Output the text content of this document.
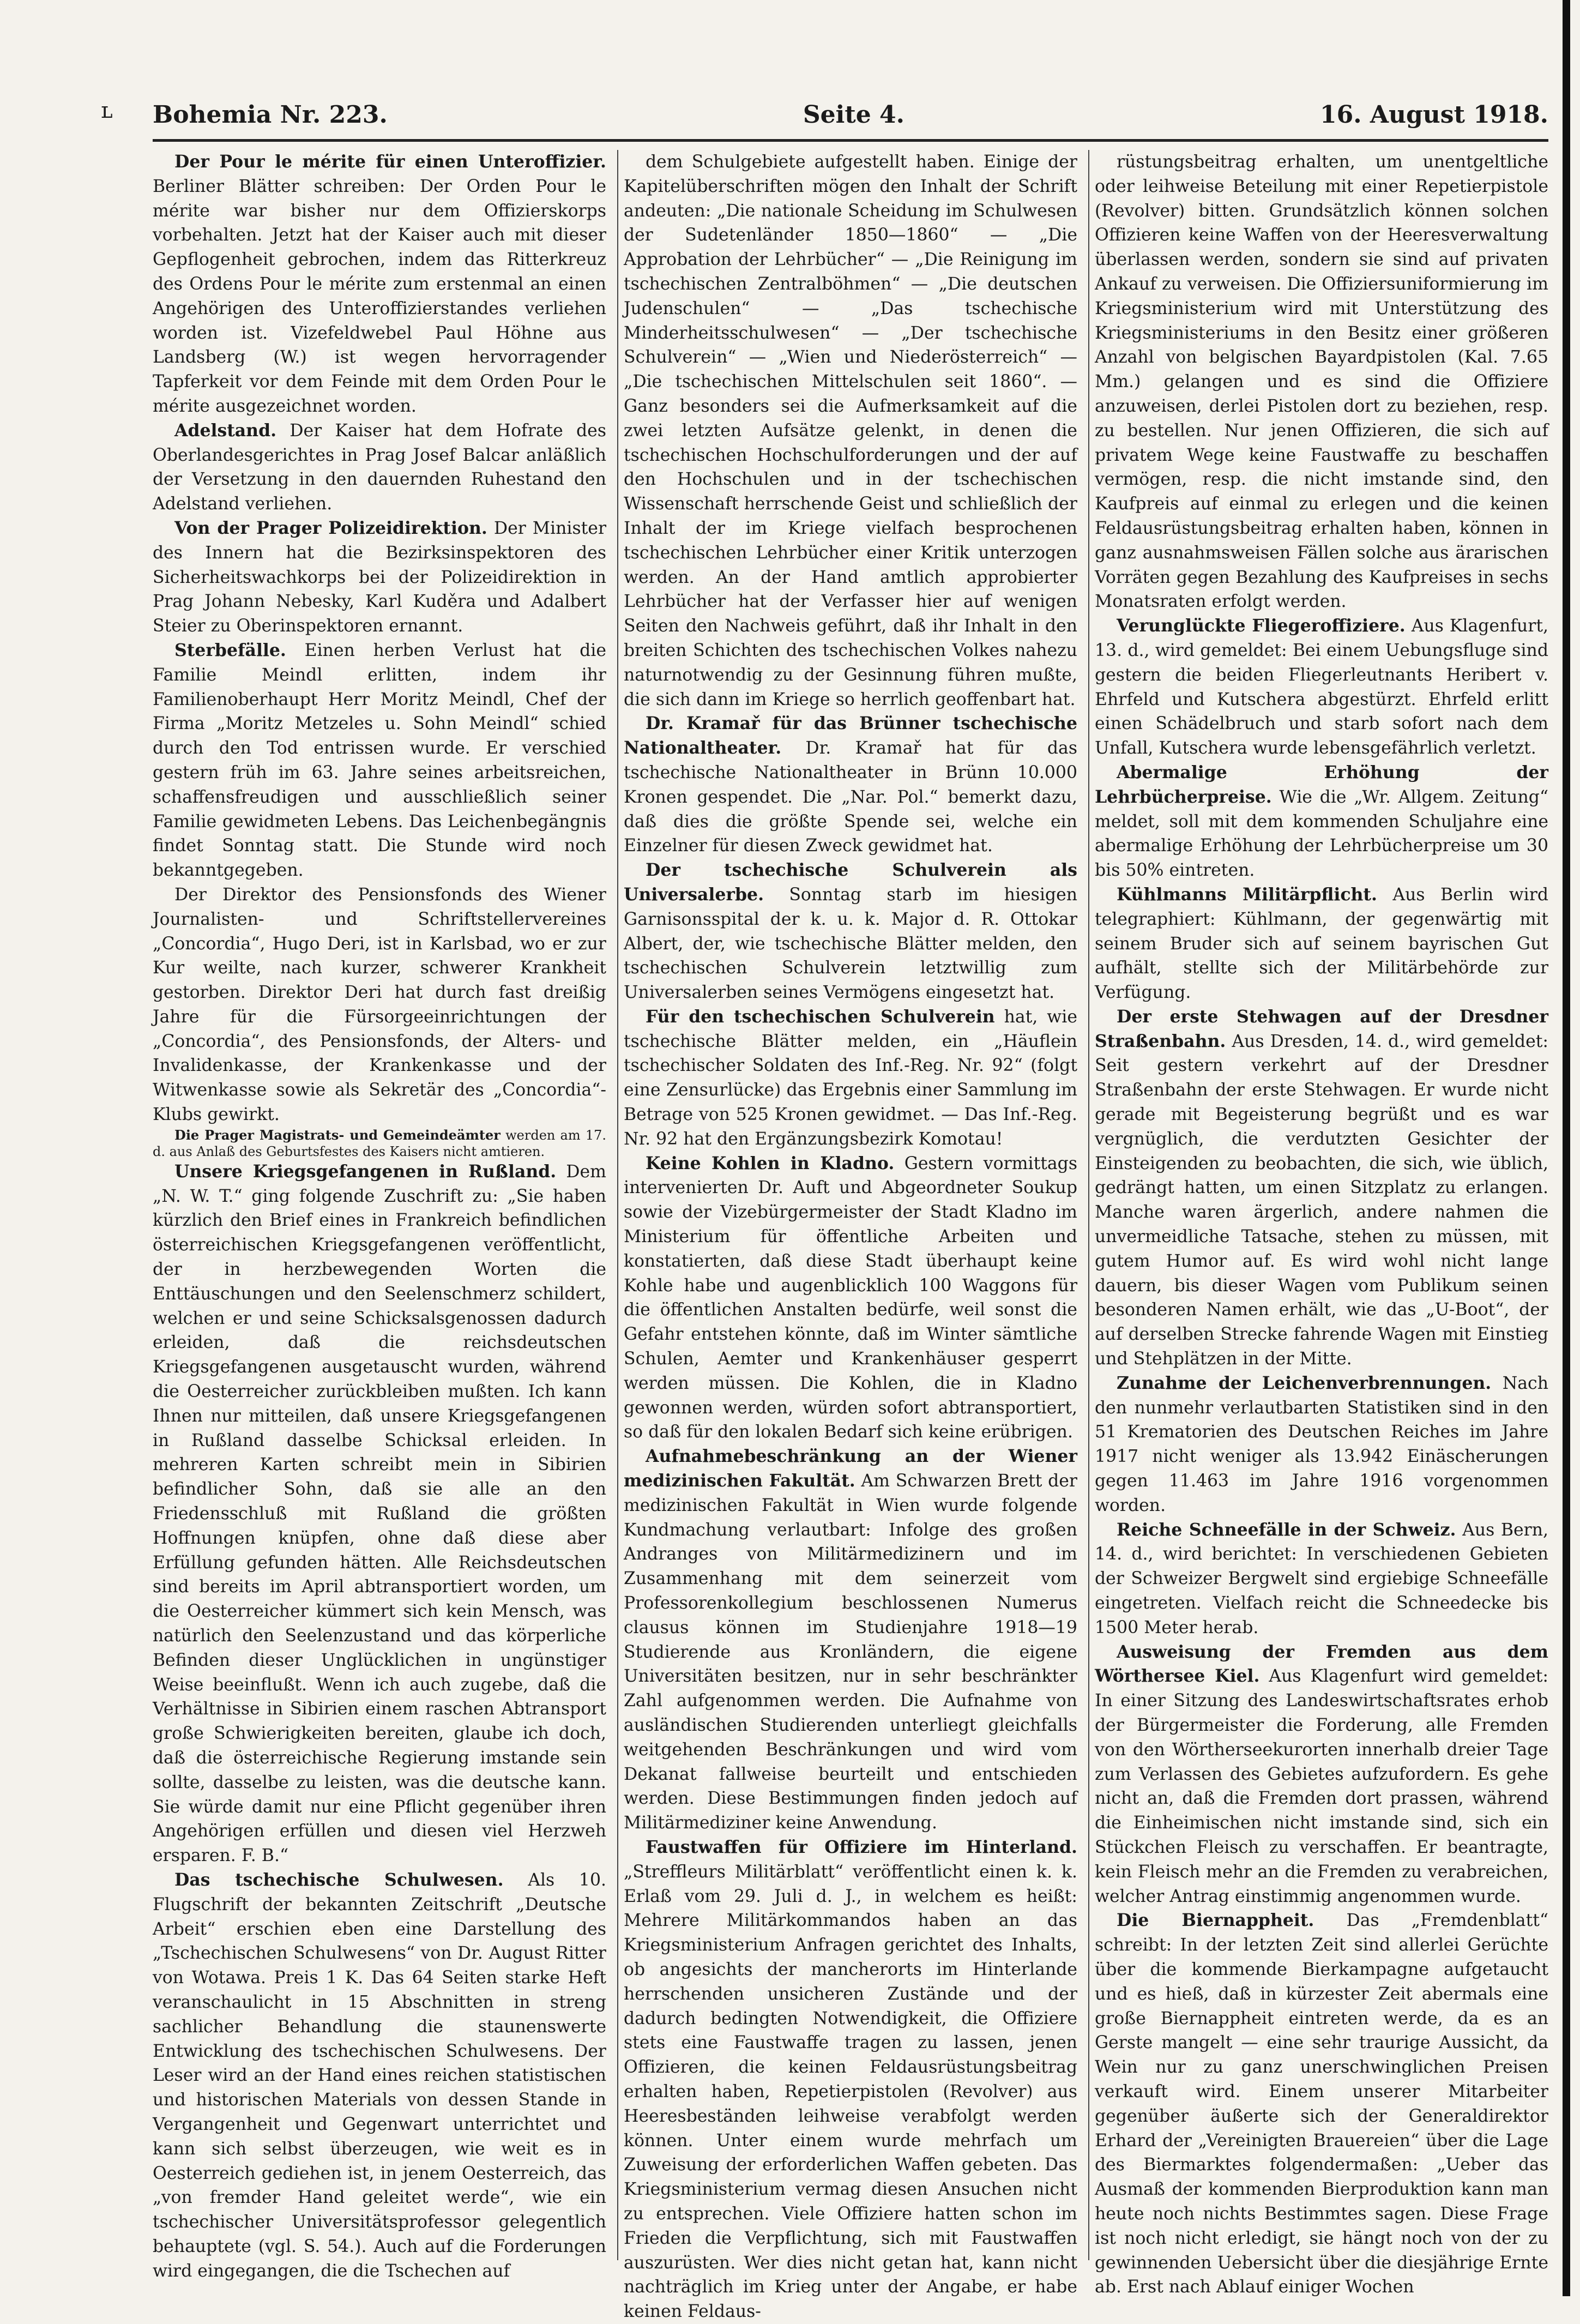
ʟ Bohemia Nr. 223.	Seite 4.	16. August 1918.

Der Pour le mérite für einen Unteroffizier. Berliner Blätter schreiben: Der Orden Pour le mérite war bisher nur dem Offizierskorps vorbehalten. Jetzt hat der Kaiser auch mit dieser Gepflogenheit gebrochen, indem das Ritterkreuz des Ordens Pour le mérite zum erstenmal an einen Angehörigen des Unteroffizierstandes verliehen worden ist. Vizefeldwebel Paul Höhne aus Landsberg (W.) ist wegen hervorragender Tapferkeit vor dem Feinde mit dem Orden Pour le mérite ausgezeichnet worden.

Adelstand. Der Kaiser hat dem Hofrate des Oberlandesgerichtes in Prag Josef Balcar anläßlich der Versetzung in den dauernden Ruhestand den Adelstand verliehen.

Von der Prager Polizeidirektion. Der Minister des Innern hat die Bezirksinspektoren des Sicherheitswachkorps bei der Polizeidirektion in Prag Johann Nebesky, Karl Kuděra und Adalbert Steier zu Oberinspektoren ernannt.

Sterbefälle. Einen herben Verlust hat die Familie Meindl erlitten, indem ihr Familienoberhaupt Herr Moritz Meindl, Chef der Firma „Moritz Metzeles u. Sohn Meindl“ schied durch den Tod entrissen wurde. Er verschied gestern früh im 63. Jahre seines arbeitsreichen, schaffensfreudigen und ausschließlich seiner Familie gewidmeten Lebens. Das Leichenbegängnis findet Sonntag statt. Die Stunde wird noch bekanntgegeben.

Der Direktor des Pensionsfonds des Wiener Journalisten- und Schriftstellervereines „Concordia“, Hugo Deri, ist in Karlsbad, wo er zur Kur weilte, nach kurzer, schwerer Krankheit gestorben. Direktor Deri hat durch fast dreißig Jahre für die Fürsorgeeinrichtungen der „Concordia“, des Pensionsfonds, der Alters- und Invalidenkasse, der Krankenkasse und der Witwenkasse sowie als Sekretär des „Concordia“-Klubs gewirkt.

Die Prager Magistrats- und Gemeindeämter werden am 17. d. aus Anlaß des Geburtsfestes des Kaisers nicht amtieren.

Unsere Kriegsgefangenen in Rußland. Dem „N. W. T.“ ging folgende Zuschrift zu: „Sie haben kürzlich den Brief eines in Frankreich befindlichen österreichischen Kriegsgefangenen veröffentlicht, der in herzbewegenden Worten die Enttäuschungen und den Seelenschmerz schildert, welchen er und seine Schicksalsgenossen dadurch erleiden, daß die reichsdeutschen Kriegsgefangenen ausgetauscht wurden, während die Oesterreicher zurückbleiben mußten. Ich kann Ihnen nur mitteilen, daß unsere Kriegsgefangenen in Rußland dasselbe Schicksal erleiden. In mehreren Karten schreibt mein in Sibirien befindlicher Sohn, daß sie alle an den Friedensschluß mit Rußland die größten Hoffnungen knüpfen, ohne daß diese aber Erfüllung gefunden hätten. Alle Reichsdeutschen sind bereits im April abtransportiert worden, um die Oesterreicher kümmert sich kein Mensch, was natürlich den Seelenzustand und das körperliche Befinden dieser Unglücklichen in ungünstiger Weise beeinflußt. Wenn ich auch zugebe, daß die Verhältnisse in Sibirien einem raschen Abtransport große Schwierigkeiten bereiten, glaube ich doch, daß die österreichische Regierung imstande sein sollte, dasselbe zu leisten, was die deutsche kann. Sie würde damit nur eine Pflicht gegenüber ihren Angehörigen erfüllen und diesen viel Herzweh ersparen. F. B.“

Das tschechische Schulwesen. Als 10. Flugschrift der bekannten Zeitschrift „Deutsche Arbeit“ erschien eben eine Darstellung des „Tschechischen Schulwesens“ von Dr. August Ritter von Wotawa. Preis 1 K. Das 64 Seiten starke Heft veranschaulicht in 15 Abschnitten in streng sachlicher Behandlung die staunenswerte Entwicklung des tschechischen Schulwesens. Der Leser wird an der Hand eines reichen statistischen und historischen Materials von dessen Stande in Vergangenheit und Gegenwart unterrichtet und kann sich selbst überzeugen, wie weit es in Oesterreich gediehen ist, in jenem Oesterreich, das „von fremder Hand geleitet werde“, wie ein tschechischer Universitätsprofessor gelegentlich behauptete (vgl. S. 54.). Auch auf die Forderungen wird eingegangen, die die Tschechen auf

dem Schulgebiete aufgestellt haben. Einige der Kapitelüberschriften mögen den Inhalt der Schrift andeuten: „Die nationale Scheidung im Schulwesen der Sudetenländer 1850—1860“ — „Die Approbation der Lehrbücher“ — „Die Reinigung im tschechischen Zentralböhmen“ — „Die deutschen Judenschulen“ — „Das tschechische Minderheitsschulwesen“ — „Der tschechische Schulverein“ — „Wien und Niederösterreich“ — „Die tschechischen Mittelschulen seit 1860“. — Ganz besonders sei die Aufmerksamkeit auf die zwei letzten Aufsätze gelenkt, in denen die tschechischen Hochschulforderungen und der auf den Hochschulen und in der tschechischen Wissenschaft herrschende Geist und schließlich der Inhalt der im Kriege vielfach besprochenen tschechischen Lehrbücher einer Kritik unterzogen werden. An der Hand amtlich approbierter Lehrbücher hat der Verfasser hier auf wenigen Seiten den Nachweis geführt, daß ihr Inhalt in den breiten Schichten des tschechischen Volkes nahezu naturnotwendig zu der Gesinnung führen mußte, die sich dann im Kriege so herrlich geoffenbart hat.

Dr. Kramař für das Brünner tschechische Nationaltheater. Dr. Kramař hat für das tschechische Nationaltheater in Brünn 10.000 Kronen gespendet. Die „Nar. Pol.“ bemerkt dazu, daß dies die größte Spende sei, welche ein Einzelner für diesen Zweck gewidmet hat.

Der tschechische Schulverein als Universalerbe. Sonntag starb im hiesigen Garnisonsspital der k. u. k. Major d. R. Ottokar Albert, der, wie tschechische Blätter melden, den tschechischen Schulverein letztwillig zum Universalerben seines Vermögens eingesetzt hat.

Für den tschechischen Schulverein hat, wie tschechische Blätter melden, ein „Häuflein tschechischer Soldaten des Inf.-Reg. Nr. 92“ (folgt eine Zensurlücke) das Ergebnis einer Sammlung im Betrage von 525 Kronen gewidmet. — Das Inf.-Reg. Nr. 92 hat den Ergänzungsbezirk Komotau!

Keine Kohlen in Kladno. Gestern vormittags intervenierten Dr. Auft und Abgeordneter Soukup sowie der Vizebürgermeister der Stadt Kladno im Ministerium für öffentliche Arbeiten und konstatierten, daß diese Stadt überhaupt keine Kohle habe und augenblicklich 100 Waggons für die öffentlichen Anstalten bedürfe, weil sonst die Gefahr entstehen könnte, daß im Winter sämtliche Schulen, Aemter und Krankenhäuser gesperrt werden müssen. Die Kohlen, die in Kladno gewonnen werden, würden sofort abtransportiert, so daß für den lokalen Bedarf sich keine erübrigen.

Aufnahmebeschränkung an der Wiener medizinischen Fakultät. Am Schwarzen Brett der medizinischen Fakultät in Wien wurde folgende Kundmachung verlautbart: Infolge des großen Andranges von Militärmedizinern und im Zusammenhang mit dem seinerzeit vom Professorenkollegium beschlossenen Numerus clausus können im Studienjahre 1918—19 Studierende aus Kronländern, die eigene Universitäten besitzen, nur in sehr beschränkter Zahl aufgenommen werden. Die Aufnahme von ausländischen Studierenden unterliegt gleichfalls weitgehenden Beschränkungen und wird vom Dekanat fallweise beurteilt und entschieden werden. Diese Bestimmungen finden jedoch auf Militärmediziner keine Anwendung.

Faustwaffen für Offiziere im Hinterland. „Streffleurs Militärblatt“ veröffentlicht einen k. k. Erlaß vom 29. Juli d. J., in welchem es heißt: Mehrere Militärkommandos haben an das Kriegsministerium Anfragen gerichtet des Inhalts, ob angesichts der mancherorts im Hinterlande herrschenden unsicheren Zustände und der dadurch bedingten Notwendigkeit, die Offiziere stets eine Faustwaffe tragen zu lassen, jenen Offizieren, die keinen Feldausrüstungsbeitrag erhalten haben, Repetierpistolen (Revolver) aus Heeresbeständen leihweise verabfolgt werden können. Unter einem wurde mehrfach um Zuweisung der erforderlichen Waffen gebeten. Das Kriegsministerium vermag diesen Ansuchen nicht zu entsprechen. Viele Offiziere hatten schon im Frieden die Verpflichtung, sich mit Faustwaffen auszurüsten. Wer dies nicht getan hat, kann nicht nachträglich im Krieg unter der Angabe, er habe keinen Feldaus-

rüstungsbeitrag erhalten, um unentgeltliche oder leihweise Beteilung mit einer Repetierpistole (Revolver) bitten. Grundsätzlich können solchen Offizieren keine Waffen von der Heeresverwaltung überlassen werden, sondern sie sind auf privaten Ankauf zu verweisen. Die Offiziersuniformierung im Kriegsministerium wird mit Unterstützung des Kriegsministeriums in den Besitz einer größeren Anzahl von belgischen Bayardpistolen (Kal. 7.65 Mm.) gelangen und es sind die Offiziere anzuweisen, derlei Pistolen dort zu beziehen, resp. zu bestellen. Nur jenen Offizieren, die sich auf privatem Wege keine Faustwaffe zu beschaffen vermögen, resp. die nicht imstande sind, den Kaufpreis auf einmal zu erlegen und die keinen Feldausrüstungsbeitrag erhalten haben, können in ganz ausnahmsweisen Fällen solche aus ärarischen Vorräten gegen Bezahlung des Kaufpreises in sechs Monatsraten erfolgt werden.

Verunglückte Fliegeroffiziere. Aus Klagenfurt, 13. d., wird gemeldet: Bei einem Uebungsfluge sind gestern die beiden Fliegerleutnants Heribert v. Ehrfeld und Kutschera abgestürzt. Ehrfeld erlitt einen Schädelbruch und starb sofort nach dem Unfall, Kutschera wurde lebensgefährlich verletzt.

Abermalige Erhöhung der Lehrbücherpreise. Wie die „Wr. Allgem. Zeitung“ meldet, soll mit dem kommenden Schuljahre eine abermalige Erhöhung der Lehrbücherpreise um 30 bis 50% eintreten.

Kühlmanns Militärpflicht. Aus Berlin wird telegraphiert: Kühlmann, der gegenwärtig mit seinem Bruder sich auf seinem bayrischen Gut aufhält, stellte sich der Militärbehörde zur Verfügung.

Der erste Stehwagen auf der Dresdner Straßenbahn. Aus Dresden, 14. d., wird gemeldet: Seit gestern verkehrt auf der Dresdner Straßenbahn der erste Stehwagen. Er wurde nicht gerade mit Begeisterung begrüßt und es war vergnüglich, die verdutzten Gesichter der Einsteigenden zu beobachten, die sich, wie üblich, gedrängt hatten, um einen Sitzplatz zu erlangen. Manche waren ärgerlich, andere nahmen die unvermeidliche Tatsache, stehen zu müssen, mit gutem Humor auf. Es wird wohl nicht lange dauern, bis dieser Wagen vom Publikum seinen besonderen Namen erhält, wie das „U-Boot“, der auf derselben Strecke fahrende Wagen mit Einstieg und Stehplätzen in der Mitte.

Zunahme der Leichenverbrennungen. Nach den nunmehr verlautbarten Statistiken sind in den 51 Krematorien des Deutschen Reiches im Jahre 1917 nicht weniger als 13.942 Einäscherungen gegen 11.463 im Jahre 1916 vorgenommen worden.

Reiche Schneefälle in der Schweiz. Aus Bern, 14. d., wird berichtet: In verschiedenen Gebieten der Schweizer Bergwelt sind ergiebige Schneefälle eingetreten. Vielfach reicht die Schneedecke bis 1500 Meter herab.

Ausweisung der Fremden aus dem Wörthersee Kiel. Aus Klagenfurt wird gemeldet: In einer Sitzung des Landeswirtschaftsrates erhob der Bürgermeister die Forderung, alle Fremden von den Wörtherseekurorten innerhalb dreier Tage zum Verlassen des Gebietes aufzufordern. Es gehe nicht an, daß die Fremden dort prassen, während die Einheimischen nicht imstande sind, sich ein Stückchen Fleisch zu verschaffen. Er beantragte, kein Fleisch mehr an die Fremden zu verabreichen, welcher Antrag einstimmig angenommen wurde.

Die Biernappheit. Das „Fremdenblatt“ schreibt: In der letzten Zeit sind allerlei Gerüchte über die kommende Bierkampagne aufgetaucht und es hieß, daß in kürzester Zeit abermals eine große Biernappheit eintreten werde, da es an Gerste mangelt — eine sehr traurige Aussicht, da Wein nur zu ganz unerschwinglichen Preisen verkauft wird. Einem unserer Mitarbeiter gegenüber äußerte sich der Generaldirektor Erhard der „Vereinigten Brauereien“ über die Lage des Biermarktes folgendermaßen: „Ueber das Ausmaß der kommenden Bierproduktion kann man heute noch nichts Bestimmtes sagen. Diese Frage ist noch nicht erledigt, sie hängt noch von der zu gewinnenden Uebersicht über die diesjährige Ernte ab. Erst nach Ablauf einiger Wochen
